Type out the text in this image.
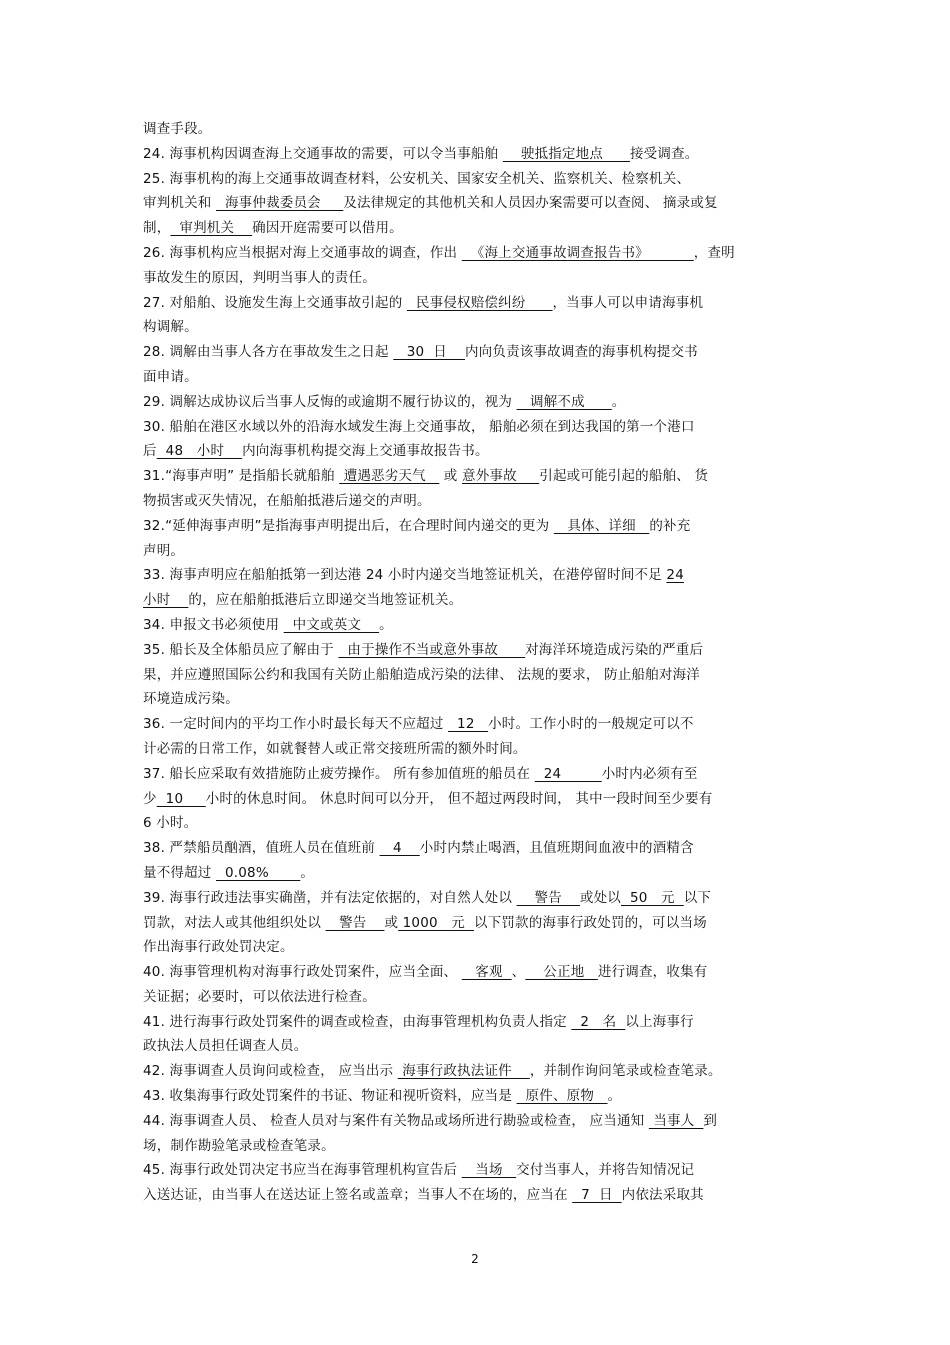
调查手段。
24. 海事机构因调查海上交通事故的需要，可以令当事船舶     驶抵指定地点      接受调查。
25. 海事机构的海上交通事故调查材料，公安机关、国家安全机关、监察机关、检察机关、
审判机关和   海事仲裁委员会     及法律规定的其他机关和人员因办案需要可以查阅、 摘录或复
制，  审判机关    确因开庭需要可以借用。
26. 海事机构应当根据对海上交通事故的调查，作出   《海上交通事故调查报告书》          ，查明
事故发生的原因，判明当事人的责任。
27. 对船舶、设施发生海上交通事故引起的   民事侵权赔偿纠纷      ，当事人可以申请海事机
构调解。
28. 调解由当事人各方在事故发生之日起    30  日    内向负责该事故调查的海事机构提交书
面申请。
29. 调解达成协议后当事人反悔的或逾期不履行协议的，视为    调解不成      。
30. 船舶在港区水域以外的沿海水域发生海上交通事故， 船舶必须在到达我国的第一个港口
后  48   小时    内向海事机构提交海上交通事故报告书。
31.“海事声明” 是指船长就船舶  遭遇恶劣天气    或 意外事故     引起或可能引起的船舶、 货
物损害或灭失情况，在船舶抵港后递交的声明。
32.“延伸海事声明”是指海事声明提出后，在合理时间内递交的更为    具体、详细   的补充
声明。
33. 海事声明应在船舶抵第一到达港 24 小时内递交当地签证机关，在港停留时间不足 24
小时    的，应在船舶抵港后立即递交当地签证机关。
34. 申报文书必须使用   中文或英文    。
35. 船长及全体船员应了解由于   由于操作不当或意外事故      对海洋环境造成污染的严重后
果，并应遵照国际公约和我国有关防止船舶造成污染的法律、 法规的要求， 防止船舶对海洋
环境造成污染。
36. 一定时间内的平均工作小时最长每天不应超过   12   小时。工作小时的一般规定可以不
计必需的日常工作，如就餐替人或正常交接班所需的额外时间。
37. 船长应采取有效措施防止疲劳操作。 所有参加值班的船员在   24         小时内必须有至
少  10     小时的休息时间。 休息时间可以分开， 但不超过两段时间， 其中一段时间至少要有
6 小时。
38. 严禁船员酗酒，值班人员在值班前    4    小时内禁止喝酒，且值班期间血液中的酒精含
量不得超过   0.08%       。
39. 海事行政违法事实确凿，并有法定依据的，对自然人处以     警告    或处以  50   元  以下
罚款，对法人或其他组织处以    警告    或 1000   元  以下罚款的海事行政处罚的，可以当场
作出海事行政处罚决定。
40. 海事管理机构对海事行政处罚案件，应当全面、    客观  、    公正地   进行调查，收集有
关证据；必要时，可以依法进行检查。
41. 进行海事行政处罚案件的调查或检查，由海事管理机构负责人指定   2   名  以上海事行
政执法人员担任调查人员。
42. 海事调查人员询问或检查， 应当出示  海事行政执法证件    ，并制作询问笔录或检查笔录。
43. 收集海事行政处罚案件的书证、物证和视听资料，应当是   原件、原物   。
44. 海事调查人员、 检查人员对与案件有关物品或场所进行勘验或检查， 应当通知  当事人  到
场，制作勘验笔录或检查笔录。
45. 海事行政处罚决定书应当在海事管理机构宣告后    当场   交付当事人，并将告知情况记
入送达证，由当事人在送达证上签名或盖章；当事人不在场的，应当在   7  日  内依法采取其
2
